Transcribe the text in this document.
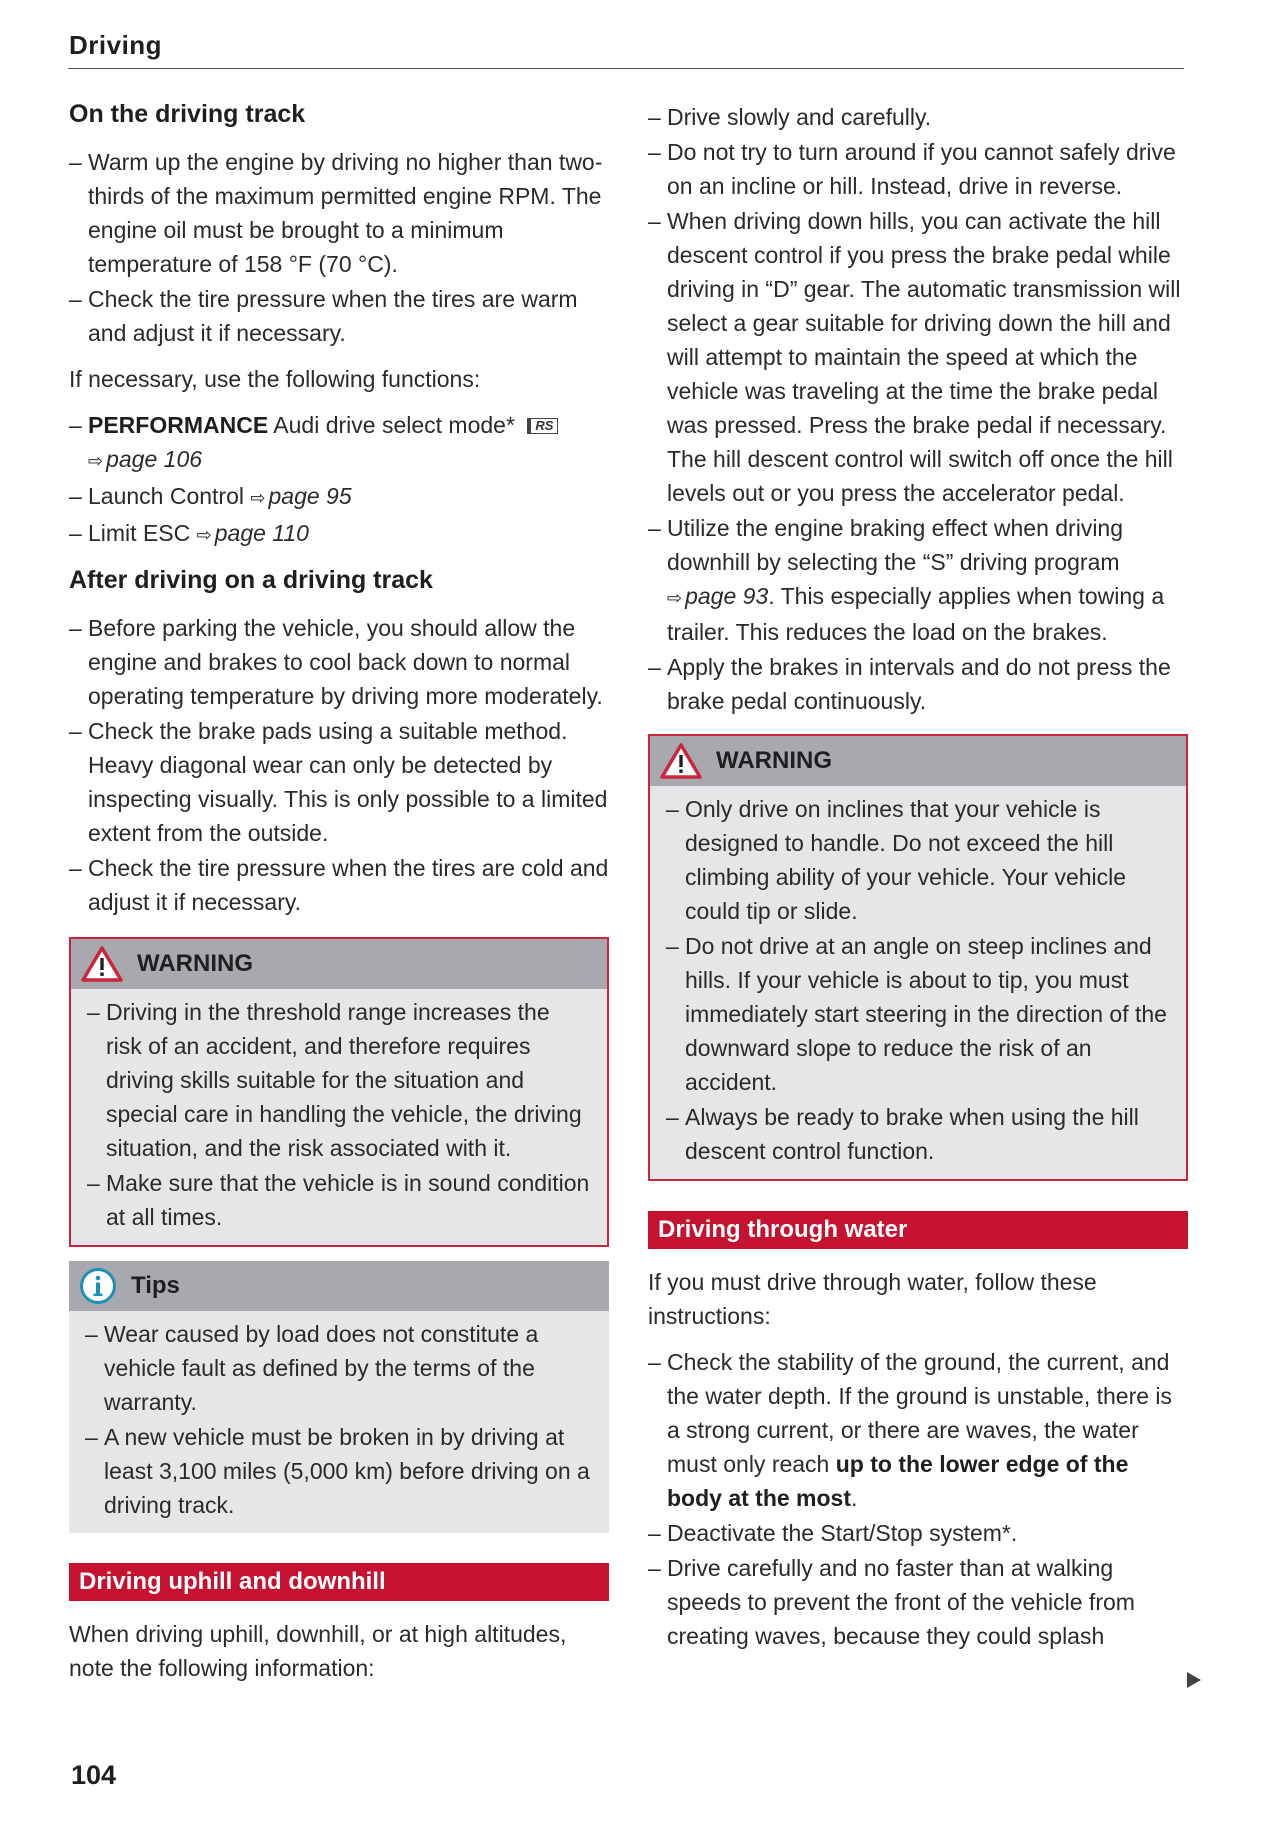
Driving
On the driving track
– Warm up the engine by driving no higher than two-thirds of the maximum permitted engine RPM. The engine oil must be brought to a minimum temperature of 158 °F (70 °C).
– Check the tire pressure when the tires are warm and adjust it if necessary.
If necessary, use the following functions:
– PERFORMANCE Audi drive select mode* RS
⇨ page 106
– Launch Control ⇨ page 95
– Limit ESC ⇨ page 110
After driving on a driving track
– Before parking the vehicle, you should allow the engine and brakes to cool back down to normal operating temperature by driving more moderately.
– Check the brake pads using a suitable method. Heavy diagonal wear can only be detected by inspecting visually. This is only possible to a limited extent from the outside.
– Check the tire pressure when the tires are cold and adjust it if necessary.
WARNING
– Driving in the threshold range increases the risk of an accident, and therefore requires driving skills suitable for the situation and special care in handling the vehicle, the driving situation, and the risk associated with it.
– Make sure that the vehicle is in sound condition at all times.
Tips
– Wear caused by load does not constitute a vehicle fault as defined by the terms of the warranty.
– A new vehicle must be broken in by driving at least 3,100 miles (5,000 km) before driving on a driving track.
Driving uphill and downhill
When driving uphill, downhill, or at high altitudes, note the following information:
– Drive slowly and carefully.
– Do not try to turn around if you cannot safely drive on an incline or hill. Instead, drive in reverse.
– When driving down hills, you can activate the hill descent control if you press the brake pedal while driving in “D” gear. The automatic transmission will select a gear suitable for driving down the hill and will attempt to maintain the speed at which the vehicle was traveling at the time the brake pedal was pressed. Press the brake pedal if necessary. The hill descent control will switch off once the hill levels out or you press the accelerator pedal.
– Utilize the engine braking effect when driving downhill by selecting the “S” driving program ⇨ page 93. This especially applies when towing a trailer. This reduces the load on the brakes.
– Apply the brakes in intervals and do not press the brake pedal continuously.
WARNING
– Only drive on inclines that your vehicle is designed to handle. Do not exceed the hill climbing ability of your vehicle. Your vehicle could tip or slide.
– Do not drive at an angle on steep inclines and hills. If your vehicle is about to tip, you must immediately start steering in the direction of the downward slope to reduce the risk of an accident.
– Always be ready to brake when using the hill descent control function.
Driving through water
If you must drive through water, follow these instructions:
– Check the stability of the ground, the current, and the water depth. If the ground is unstable, there is a strong current, or there are waves, the water must only reach up to the lower edge of the body at the most.
– Deactivate the Start/Stop system*.
– Drive carefully and no faster than at walking speeds to prevent the front of the vehicle from creating waves, because they could splash
104
